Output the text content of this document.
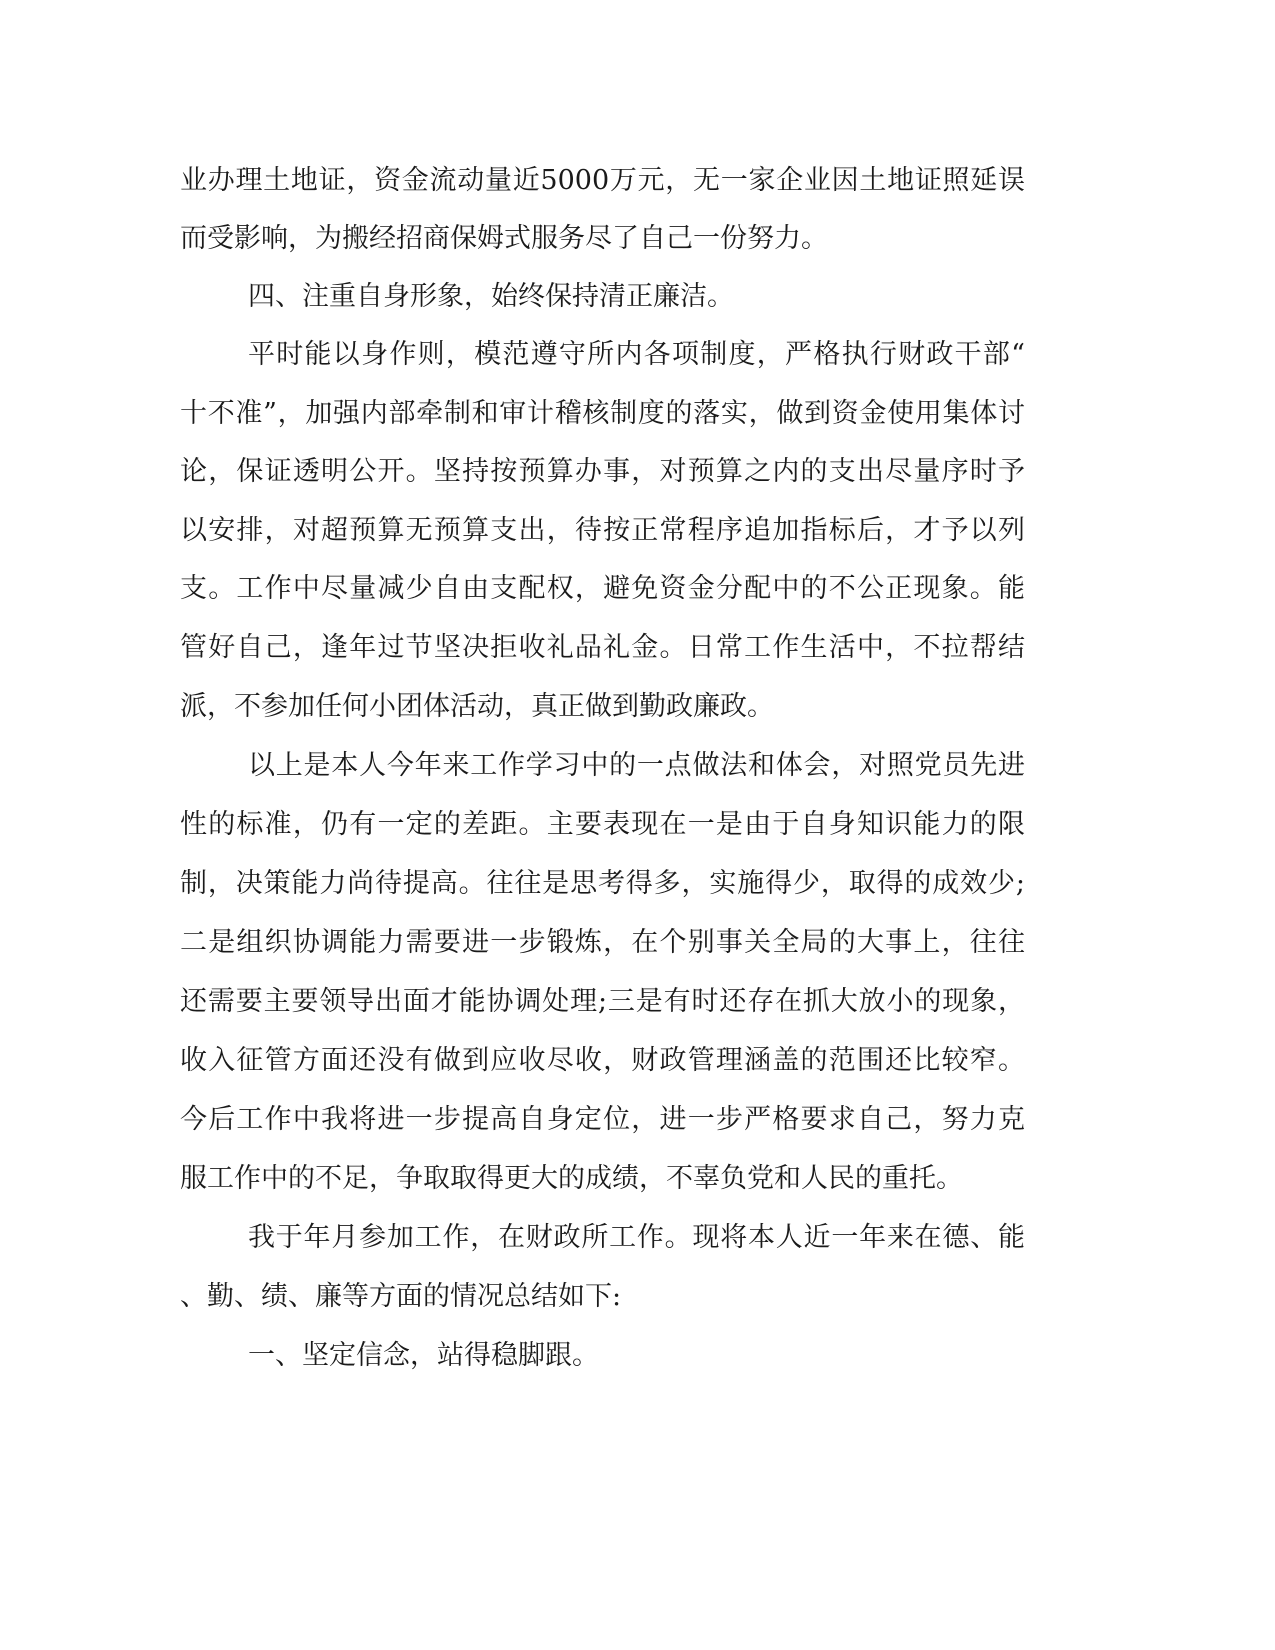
业办理土地证，资金流动量近5000万元，无一家企业因土地证照延误
而受影响，为搬经招商保姆式服务尽了自己一份努力。
四、注重自身形象，始终保持清正廉洁。
平时能以身作则，模范遵守所内各项制度，严格执行财政干部“
十不准”，加强内部牵制和审计稽核制度的落实，做到资金使用集体讨
论，保证透明公开。坚持按预算办事，对预算之内的支出尽量序时予
以安排，对超预算无预算支出，待按正常程序追加指标后，才予以列
支。工作中尽量减少自由支配权，避免资金分配中的不公正现象。能
管好自己，逢年过节坚决拒收礼品礼金。日常工作生活中，不拉帮结
派，不参加任何小团体活动，真正做到勤政廉政。
以上是本人今年来工作学习中的一点做法和体会，对照党员先进
性的标准，仍有一定的差距。主要表现在一是由于自身知识能力的限
制，决策能力尚待提高。往往是思考得多，实施得少，取得的成效少;
二是组织协调能力需要进一步锻炼，在个别事关全局的大事上，往往
还需要主要领导出面才能协调处理;三是有时还存在抓大放小的现象，
收入征管方面还没有做到应收尽收，财政管理涵盖的范围还比较窄。
今后工作中我将进一步提高自身定位，进一步严格要求自己，努力克
服工作中的不足，争取取得更大的成绩，不辜负党和人民的重托。
我于年月参加工作，在财政所工作。现将本人近一年来在德、能
、勤、绩、廉等方面的情况总结如下:
一、坚定信念，站得稳脚跟。
